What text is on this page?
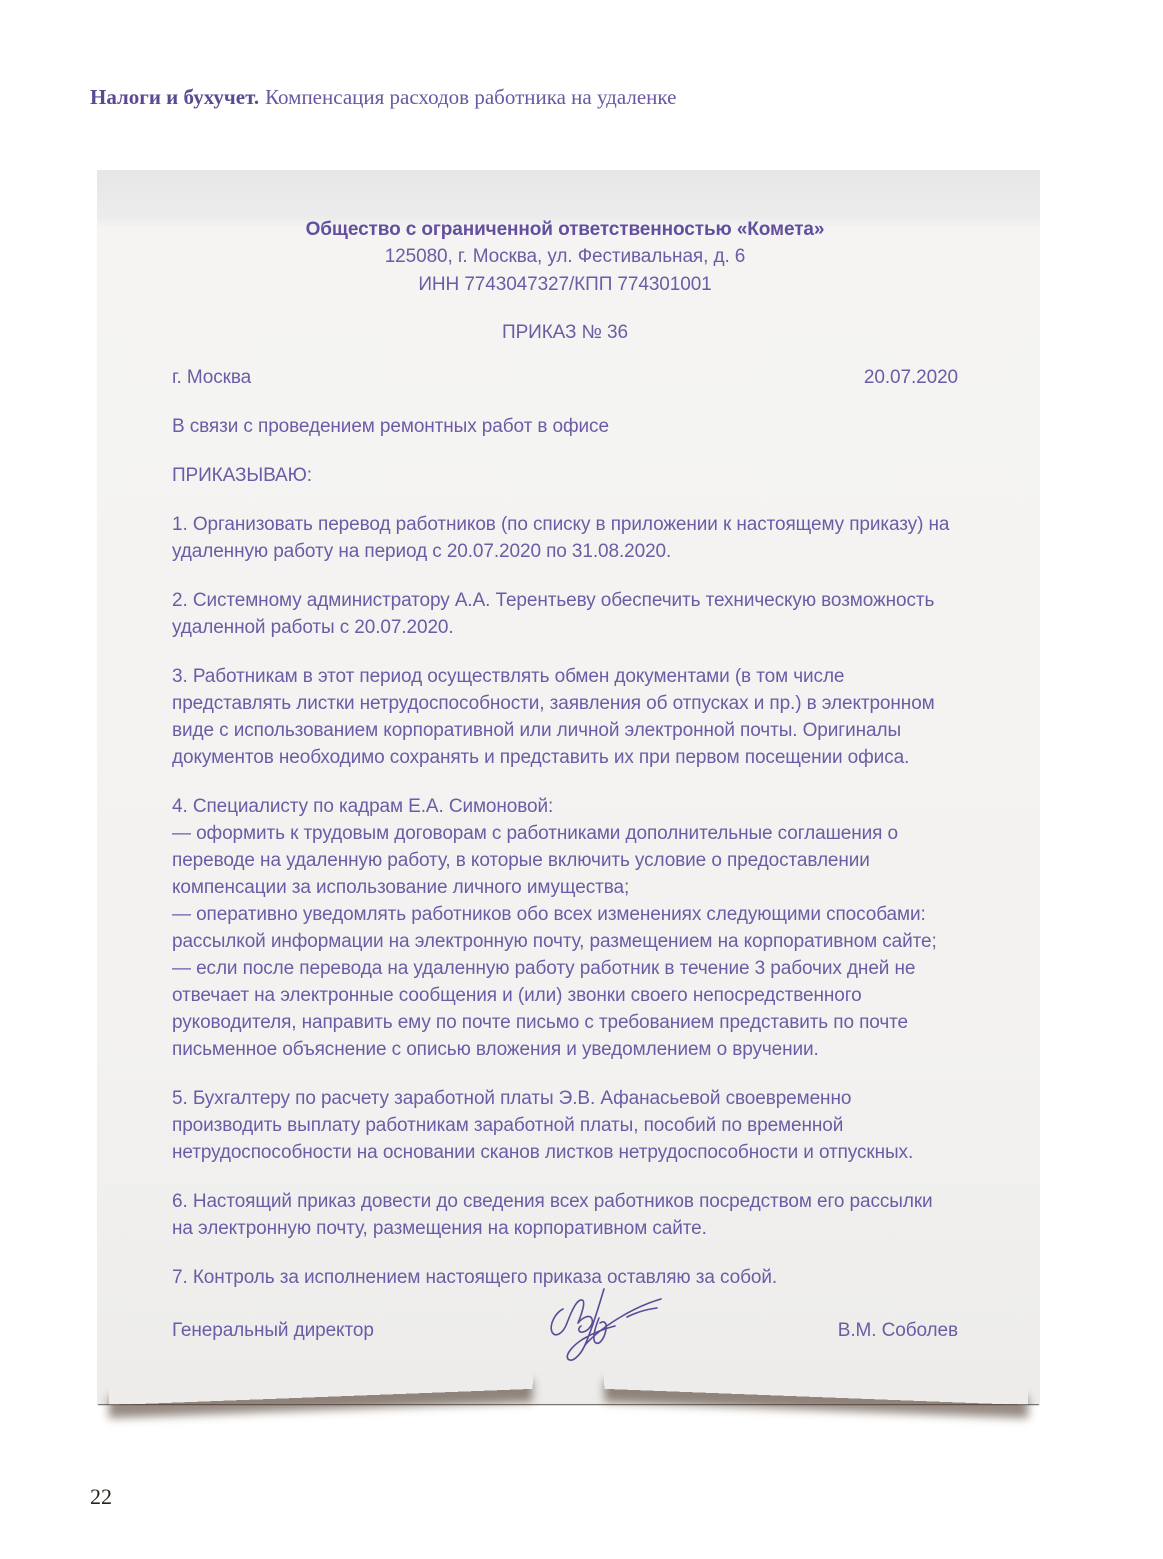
Налоги и бухучет. Компенсация расходов работника на удаленке
Общество с ограниченной ответственностью «Комета»
125080, г. Москва, ул. Фестивальная, д. 6
ИНН 7743047327/КПП 774301001
ПРИКАЗ № 36
г. Москва	20.07.2020
В связи с проведением ремонтных работ в офисе
ПРИКАЗЫВАЮ:
1. Организовать перевод работников (по списку в приложении к настоящему приказу) на удаленную работу на период с 20.07.2020 по 31.08.2020.
2. Системному администратору А.А. Терентьеву обеспечить техническую возможность удаленной работы с 20.07.2020.
3. Работникам в этот период осуществлять обмен документами (в том числе представлять листки нетрудоспособности, заявления об отпусках и пр.) в электронном виде с использованием корпоративной или личной электронной почты. Оригиналы документов необходимо сохранять и представить их при первом посещении офиса.
4. Специалисту по кадрам Е.А. Симоновой:
— оформить к трудовым договорам с работниками дополнительные соглашения о переводе на удаленную работу, в которые включить условие о предоставлении компенсации за использование личного имущества;
— оперативно уведомлять работников обо всех изменениях следующими способами: рассылкой информации на электронную почту, размещением на корпоративном сайте;
— если после перевода на удаленную работу работник в течение 3 рабочих дней не отвечает на электронные сообщения и (или) звонки своего непосредственного руководителя, направить ему по почте письмо с требованием представить по почте письменное объяснение с описью вложения и уведомлением о вручении.
5. Бухгалтеру по расчету заработной платы Э.В. Афанасьевой своевременно производить выплату работникам заработной платы, пособий по временной нетрудоспособности на основании сканов листков нетрудоспособности и отпускных.
6. Настоящий приказ довести до сведения всех работников посредством его рассылки на электронную почту, размещения на корпоративном сайте.
7. Контроль за исполнением настоящего приказа оставляю за собой.
Генеральный директор	В.М. Соболев
22
